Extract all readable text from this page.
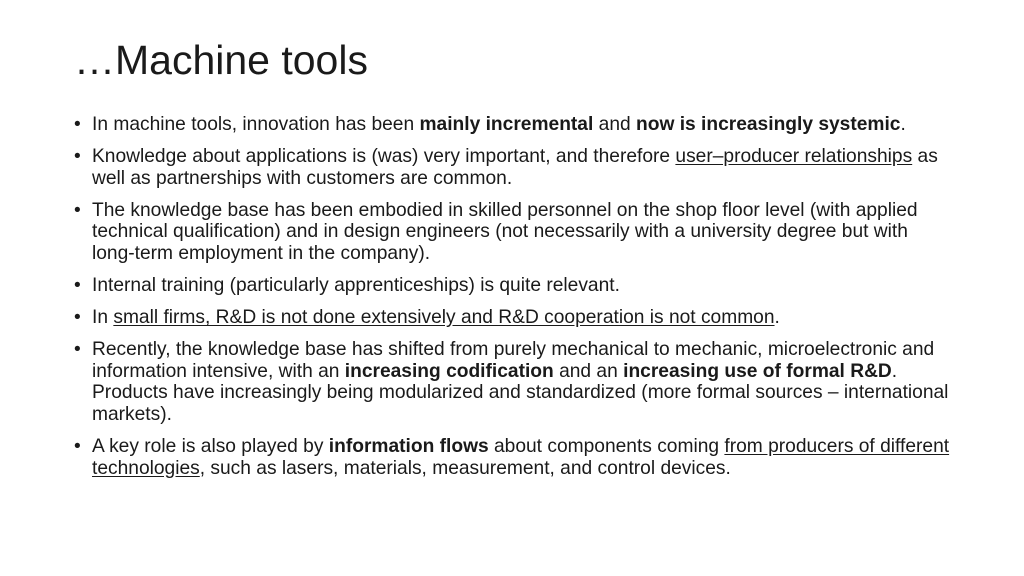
…Machine tools
• In machine tools, innovation has been mainly incremental and now is increasingly systemic.
• Knowledge about applications is (was) very important, and therefore user–producer relationships as well as partnerships with customers are common.
• The knowledge base has been embodied in skilled personnel on the shop floor level (with applied technical qualification) and in design engineers (not necessarily with a university degree but with long-term employment in the company).
• Internal training (particularly apprenticeships) is quite relevant.
• In small firms, R&D is not done extensively and R&D cooperation is not common.
• Recently, the knowledge base has shifted from purely mechanical to mechanic, microelectronic and information intensive, with an increasing codification and an increasing use of formal R&D. Products have increasingly being modularized and standardized (more formal sources – international markets).
• A key role is also played by information flows about components coming from producers of different technologies, such as lasers, materials, measurement, and control devices.
